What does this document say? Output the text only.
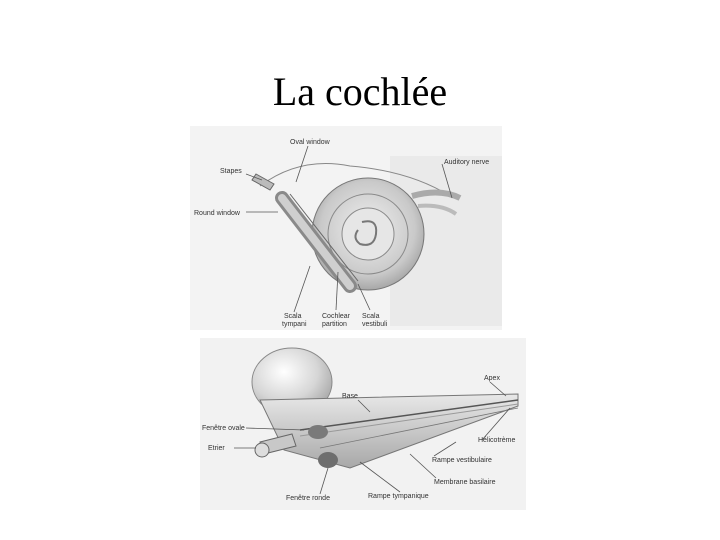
La cochlée
Oval window
Stapes
Auditory nerve
Round window
Scala
tympani
Cochlear
partition
Scala
vestibuli
Apex
Base
Fenêtre ovale
Etrier
Hélicotrème
Rampe vestibulaire
Membrane basilaire
Fenêtre ronde	Rampe tympanique
